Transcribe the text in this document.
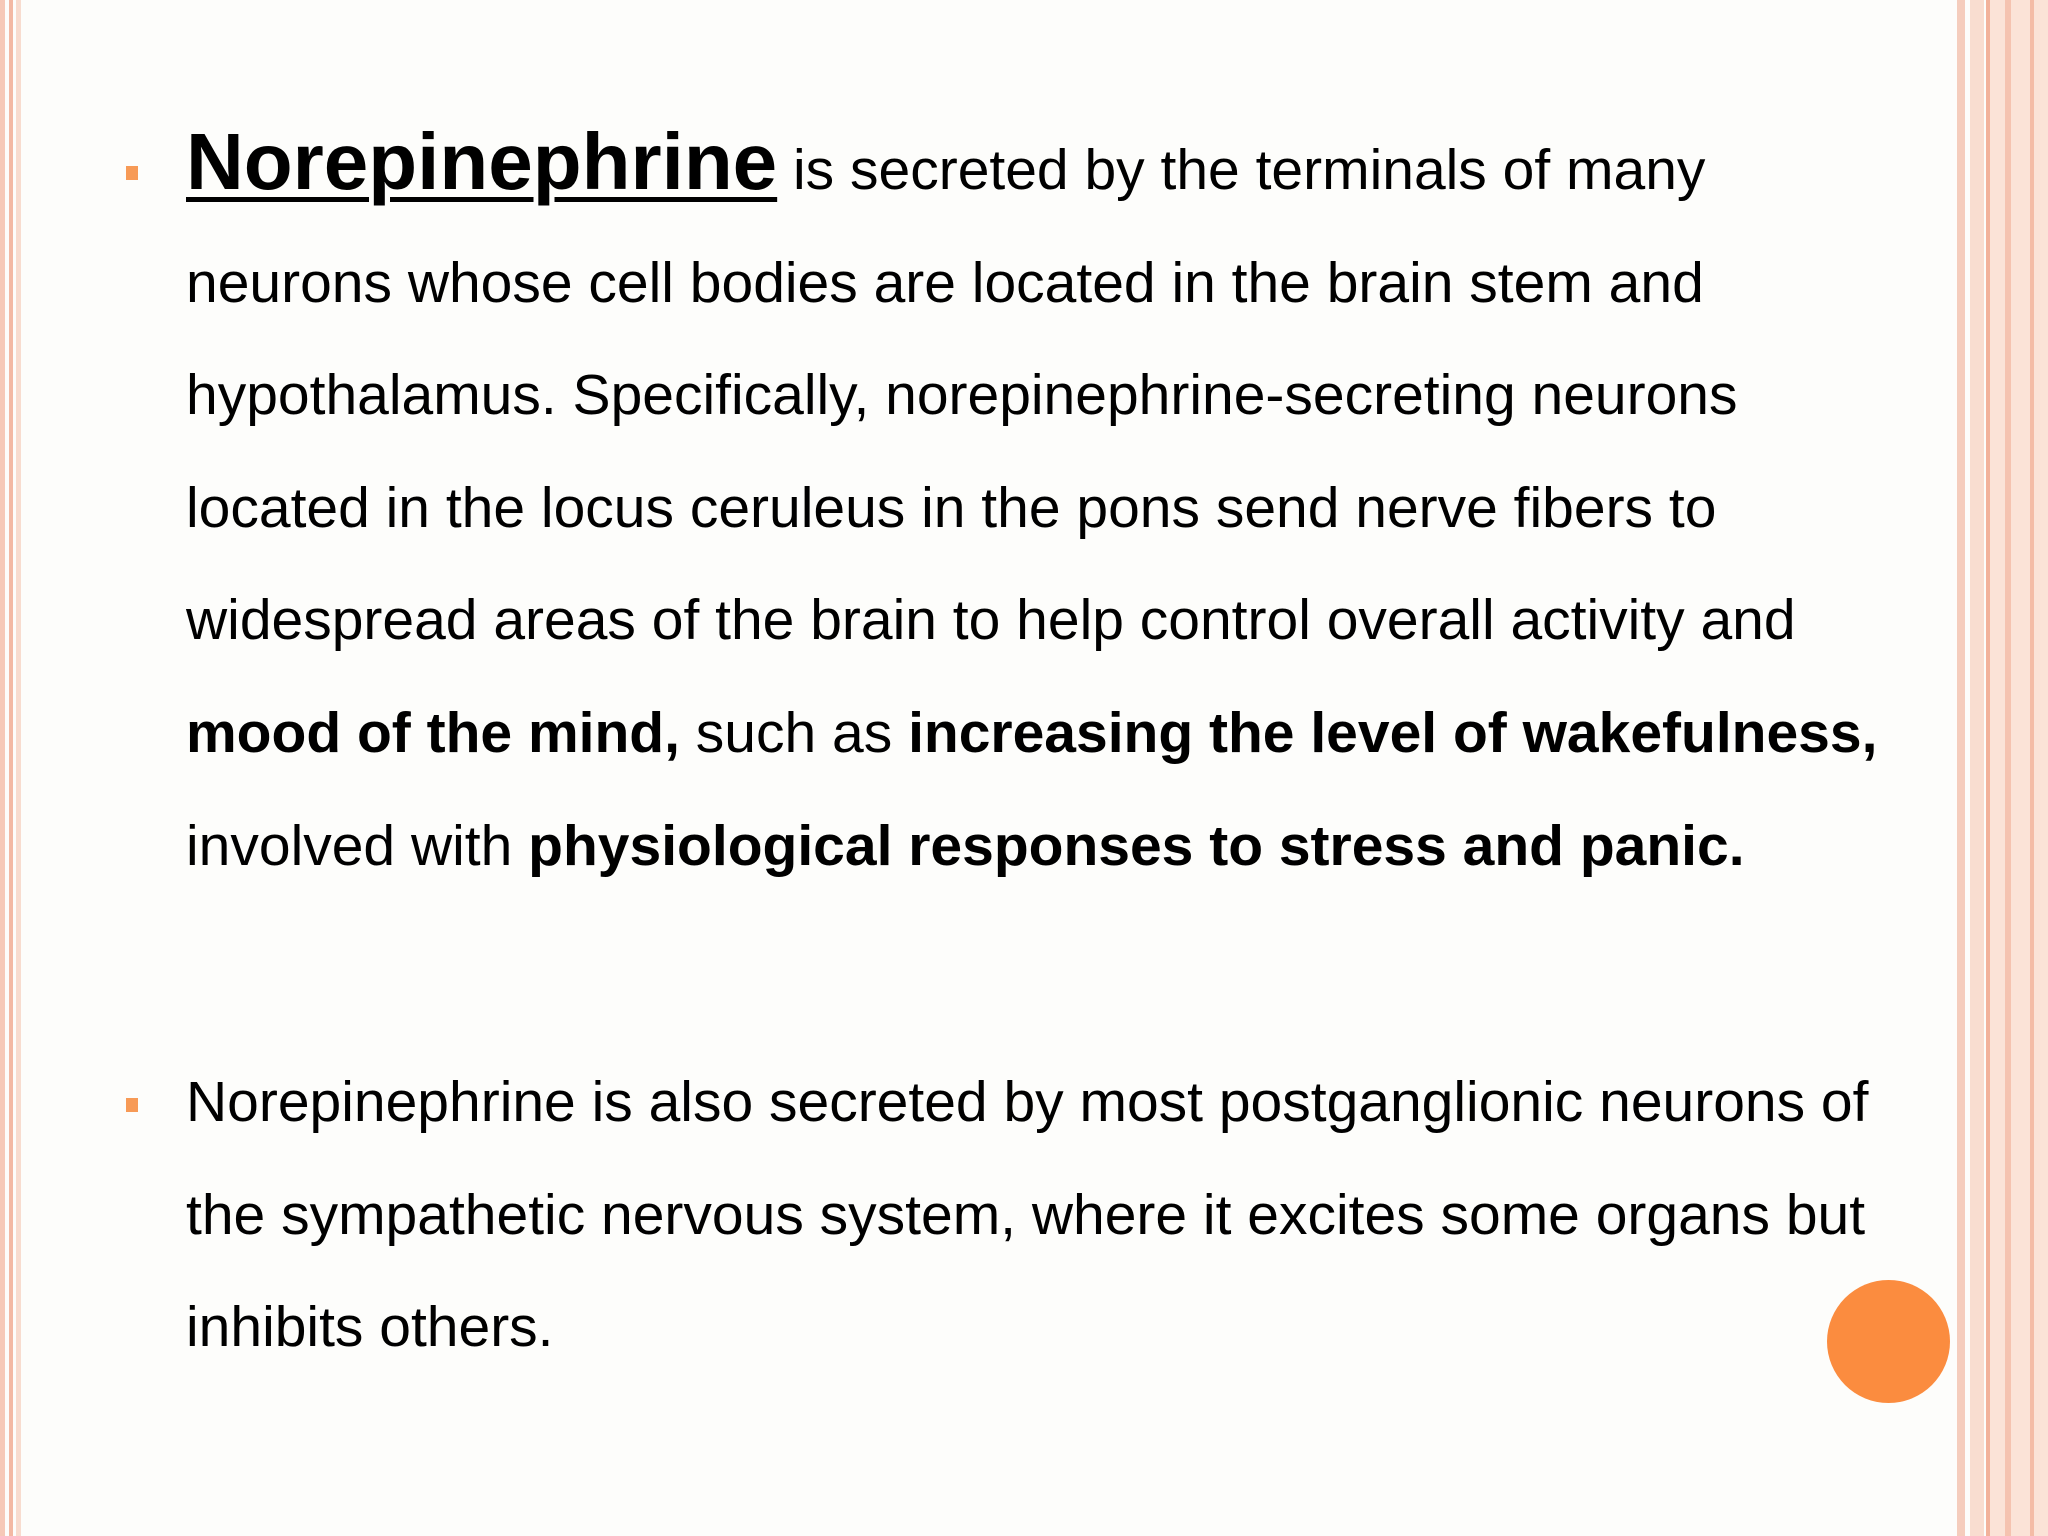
Norepinephrine is secreted by the terminals of many neurons whose cell bodies are located in the brain stem and hypothalamus. Specifically, norepinephrine-secreting neurons located in the locus ceruleus in the pons send nerve fibers to widespread areas of the brain to help control overall activity and mood of the mind, such as increasing the level of wakefulness, involved with physiological responses to stress and panic.
Norepinephrine is also secreted by most postganglionic neurons of the sympathetic nervous system, where it excites some organs but inhibits others.
